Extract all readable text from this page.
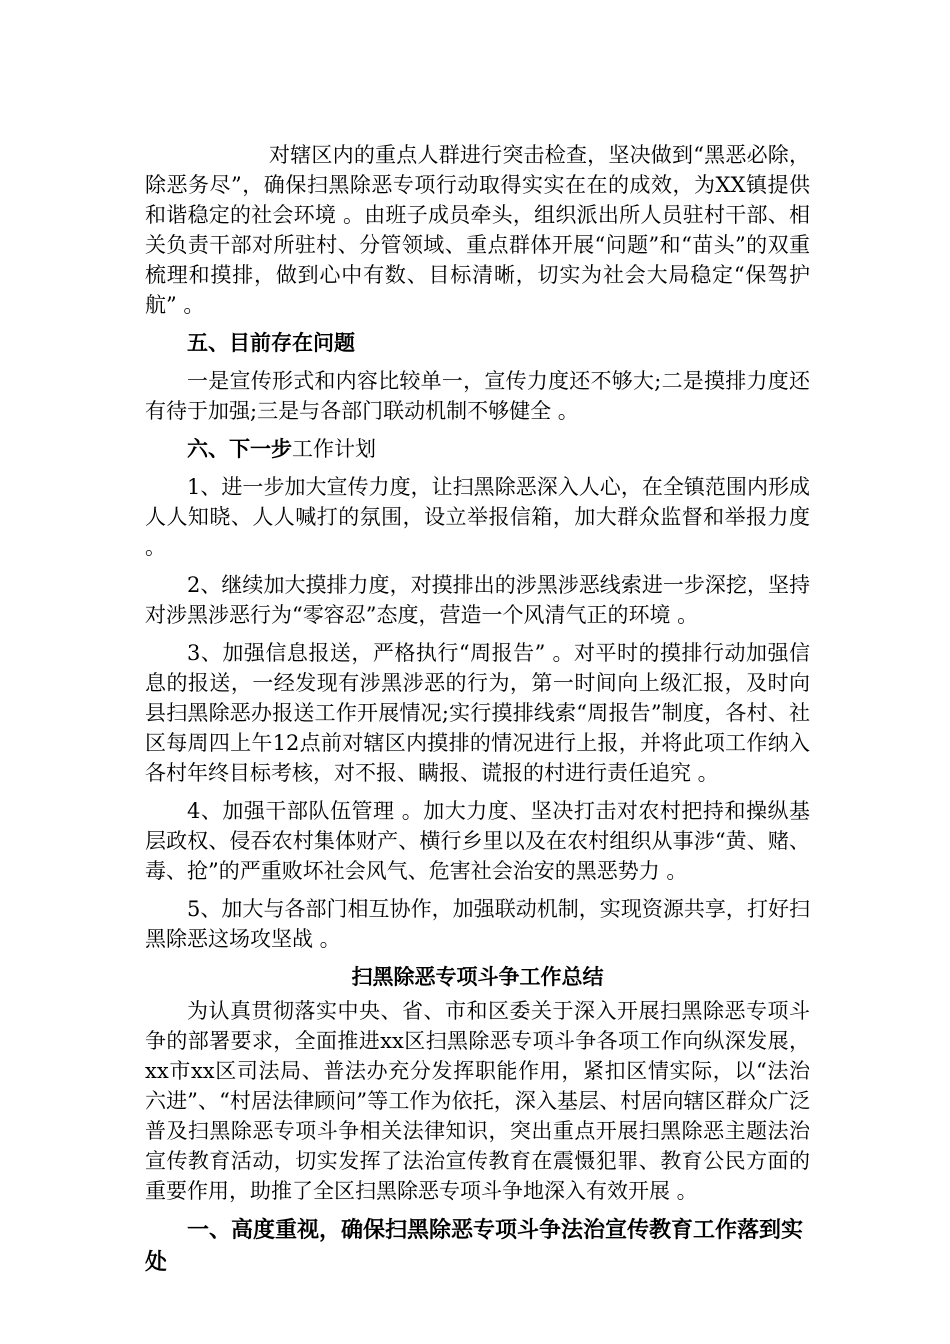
对辖区内的重点人群进行突击检查，坚决做到“黑恶必除，除恶务尽”，确保扫黑除恶专项行动取得实实在在的成效，为XX镇提供和谐稳定的社会环境 。由班子成员牵头，组织派出所人员驻村干部、相关负责干部对所驻村、分管领域、重点群体开展“问题”和“苗头”的双重梳理和摸排，做到心中有数、目标清晰，切实为社会大局稳定“保驾护航” 。

五、目前存在问题

一是宣传形式和内容比较单一，宣传力度还不够大;二是摸排力度还有待于加强;三是与各部门联动机制不够健全 。

六、下一步工作计划

1、进一步加大宣传力度，让扫黑除恶深入人心，在全镇范围内形成人人知晓、人人喊打的氛围，设立举报信箱，加大群众监督和举报力度 。

2、继续加大摸排力度，对摸排出的涉黑涉恶线索进一步深挖，坚持对涉黑涉恶行为“零容忍”态度，营造一个风清气正的环境 。

3、加强信息报送，严格执行“周报告” 。对平时的摸排行动加强信息的报送，一经发现有涉黑涉恶的行为，第一时间向上级汇报，及时向县扫黑除恶办报送工作开展情况;实行摸排线索“周报告”制度，各村、社区每周四上午12点前对辖区内摸排的情况进行上报，并将此项工作纳入各村年终目标考核，对不报、瞒报、谎报的村进行责任追究 。

4、加强干部队伍管理 。加大力度、坚决打击对农村把持和操纵基层政权、侵吞农村集体财产、横行乡里以及在农村组织从事涉“黄、赌、毒、抢”的严重败坏社会风气、危害社会治安的黑恶势力 。

5、加大与各部门相互协作，加强联动机制，实现资源共享，打好扫黑除恶这场攻坚战 。

扫黑除恶专项斗争工作总结

为认真贯彻落实中央、省、市和区委关于深入开展扫黑除恶专项斗争的部署要求，全面推进xx区扫黑除恶专项斗争各项工作向纵深发展，xx市xx区司法局、普法办充分发挥职能作用，紧扣区情实际，以“法治六进”、“村居法律顾问”等工作为依托，深入基层、村居向辖区群众广泛普及扫黑除恶专项斗争相关法律知识，突出重点开展扫黑除恶主题法治宣传教育活动，切实发挥了法治宣传教育在震慑犯罪、教育公民方面的重要作用，助推了全区扫黑除恶专项斗争地深入有效开展 。

一、高度重视，确保扫黑除恶专项斗争法治宣传教育工作落到实处
